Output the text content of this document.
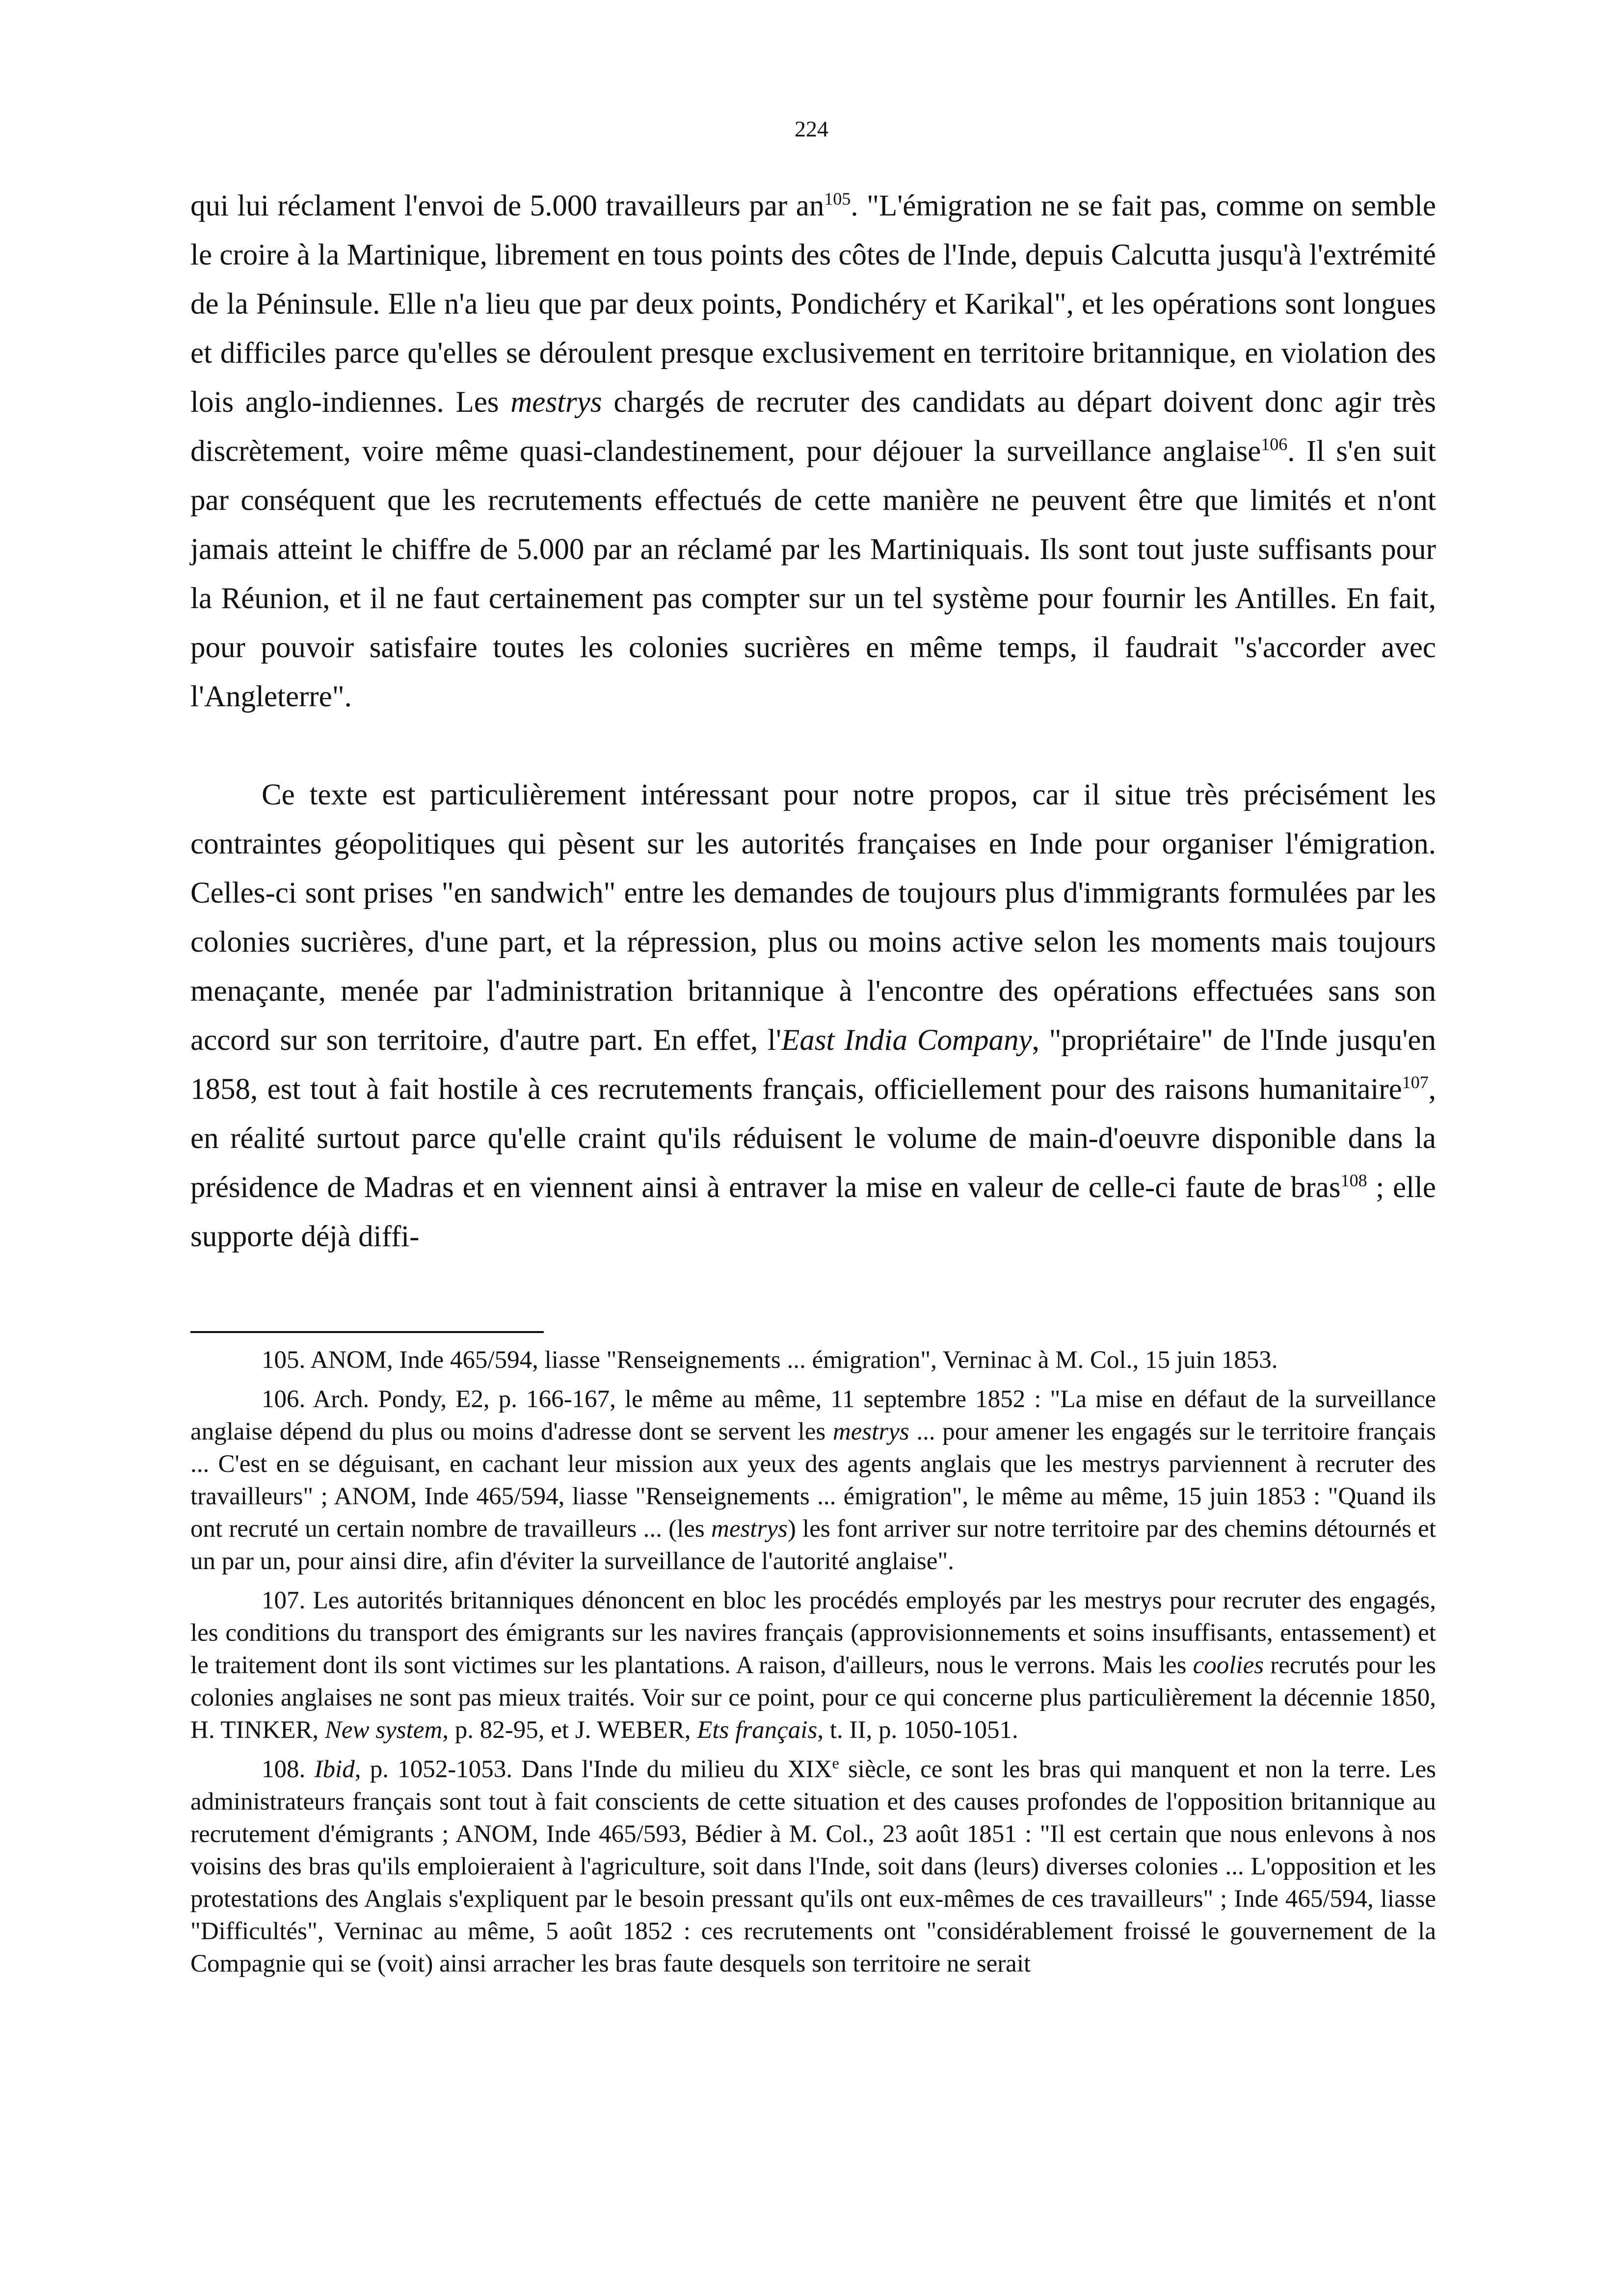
224

qui lui réclament l'envoi de 5.000 travailleurs par $an^{105}$. "L'émigration ne se fait pas, comme on semble le croire à la Martinique, librement en tous points des côtes de l'Inde, depuis Calcutta jusqu'à l'extrémité de la Péninsule. Elle n'a lieu que par deux points, Pondichéry et Karikal", et les opérations sont longues et difficiles parce qu'elles se déroulent presque exclusivement en territoire britannique, en violation des lois anglo-indiennes. Les mestrys chargés de recruter des candidats au départ doivent donc agir très discrètement, voire même quasi-clandestinement, pour déjouer la surveillance anglaise$^{106}$. Il s'en suit par conséquent que les recrutements effectués de cette manière ne peuvent être que limités et n'ont jamais atteint le chiffre de 5.000 par an réclamé par les Martiniquais. Ils sont tout juste suffisants pour la Réunion, et il ne faut certainement pas compter sur un tel système pour fournir les Antilles. En fait, pour pouvoir satisfaire toutes les colonies sucrières en même temps, il faudrait "s'accorder avec l'Angleterre".

Ce texte est particulièrement intéressant pour notre propos, car il situe très précisément les contraintes géopolitiques qui pèsent sur les autorités françaises en Inde pour organiser l'émigration. Celles-ci sont prises "en sandwich" entre les demandes de toujours plus d'immigrants formulées par les colonies sucrières, d'une part, et la répression, plus ou moins active selon les moments mais toujours menaçante, menée par l'administration britannique à l'encontre des opérations effectuées sans son accord sur son territoire, d'autre part. En effet, l'East India Company, "propriétaire" de l'Inde jusqu'en 1858, est tout à fait hostile à ces recrutements français, officiellement pour des raisons humanitaire$^{107}$, en réalité surtout parce qu'elle craint qu'ils réduisent le volume de main-d'oeuvre disponible dans la présidence de Madras et en viennent ainsi à entraver la mise en valeur de celle-ci faute de bras$^{108}$ ; elle supporte déjà diffi-

105. ANOM, Inde 465/594, liasse "Renseignements ... émigration", Verninac à M. Col., 15 juin 1853.

106. Arch. Pondy, E2, p. 166-167, le même au même, 11 septembre 1852 : "La mise en défaut de la surveillance anglaise dépend du plus ou moins d'adresse dont se servent les mestrys ... pour amener les engagés sur le territoire français ... C'est en se déguisant, en cachant leur mission aux yeux des agents anglais que les mestrys parviennent à recruter des travailleurs" ; ANOM, Inde 465/594, liasse "Renseignements ... émigration", le même au même, 15 juin 1853 : "Quand ils ont recruté un certain nombre de travailleurs ... (les mestrys) les font arriver sur notre territoire par des chemins détournés et un par un, pour ainsi dire, afin d'éviter la surveillance de l'autorité anglaise".

107. Les autorités britanniques dénoncent en bloc les procédés employés par les mestrys pour recruter des engagés, les conditions du transport des émigrants sur les navires français (approvisionnements et soins insuffisants, entassement) et le traitement dont ils sont victimes sur les plantations. A raison, d'ailleurs, nous le verrons. Mais les coolies recrutés pour les colonies anglaises ne sont pas mieux traités. Voir sur ce point, pour ce qui concerne plus particulièrement la décennie 1850, H. TINKER, New system, p. 82-95, et J. WEBER, Ets français, t. II, p. 1050-1051.

108. Ibid, p. 1052-1053. Dans l'Inde du milieu du XIXe siècle, ce sont les bras qui manquent et non la terre. Les administrateurs français sont tout à fait conscients de cette situation et des causes profondes de l'opposition britannique au recrutement d'émigrants ; ANOM, Inde 465/593, Bédier à M. Col., 23 août 1851 : "Il est certain que nous enlevons à nos voisins des bras qu'ils emploieraient à l'agriculture, soit dans l'Inde, soit dans (leurs) diverses colonies ... L'opposition et les protestations des Anglais s'expliquent par le besoin pressant qu'ils ont eux-mêmes de ces travailleurs" ; Inde 465/594, liasse "Difficultés", Verninac au même, 5 août 1852 : ces recrutements ont "considérablement froissé le gouvernement de la Compagnie qui se (voit) ainsi arracher les bras faute desquels son territoire ne serait
